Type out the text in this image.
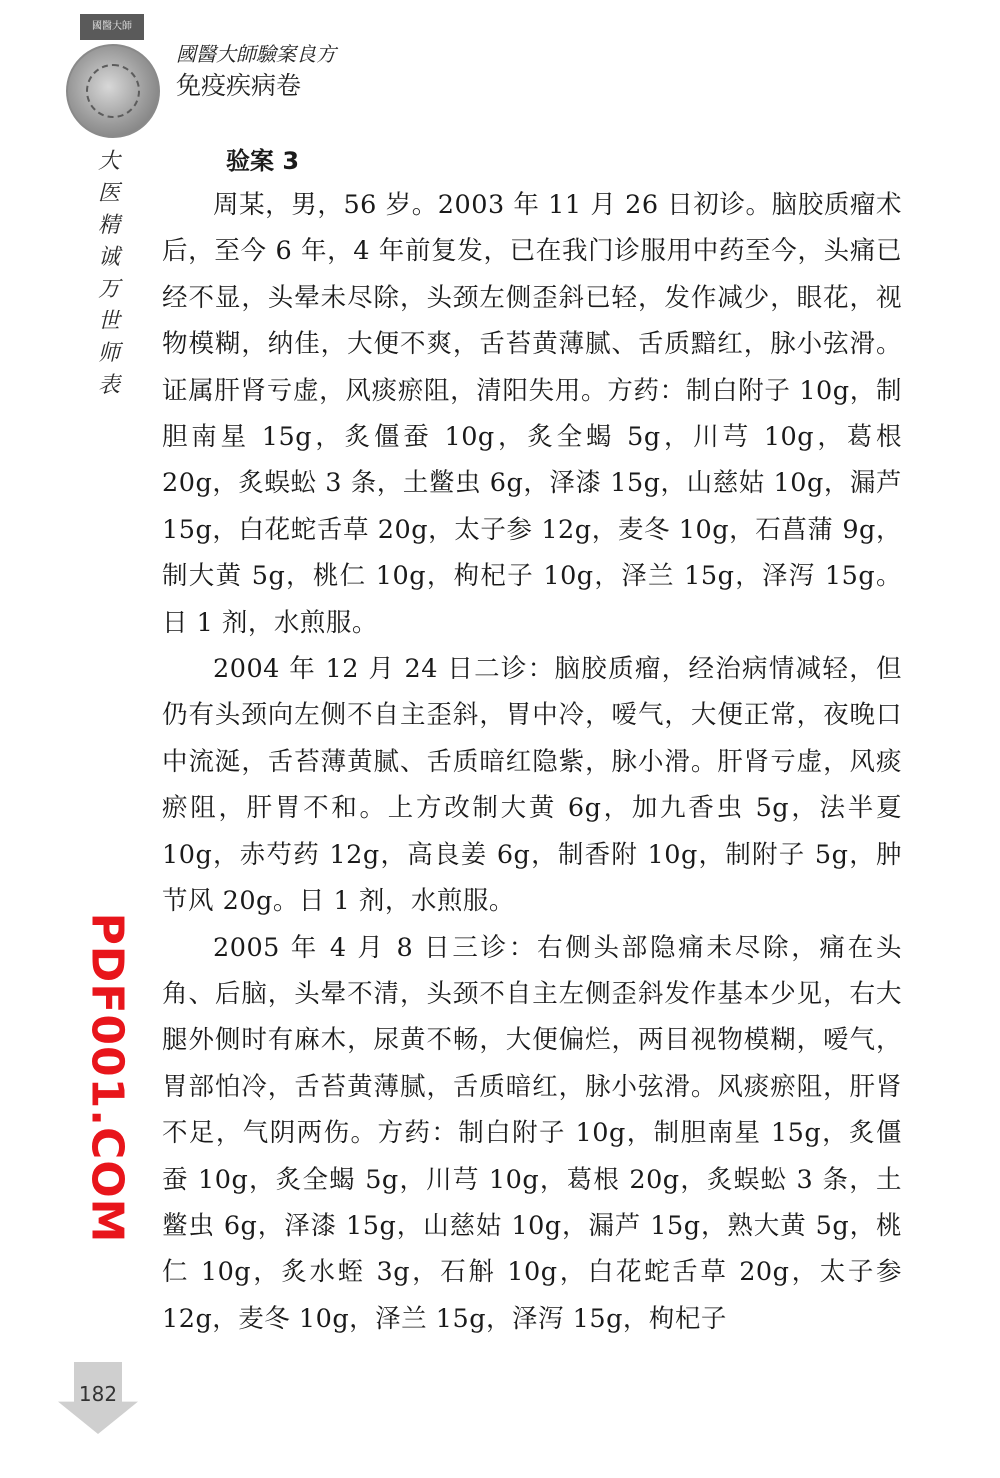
國醫大師
國醫大師驗案良方
免疫疾病卷
大
医
精
诚
万
世
师
表
PDF001.COM
验案 3

周某，男，56 岁。2003 年 11 月 26 日初诊。脑胶质瘤术后，至今 6 年，4 年前复发，已在我门诊服用中药至今，头痛已经不显，头晕未尽除，头颈左侧歪斜已轻，发作减少，眼花，视物模糊，纳佳，大便不爽，舌苔黄薄腻、舌质黯红，脉小弦滑。证属肝肾亏虚，风痰瘀阻，清阳失用。方药：制白附子 10g，制胆南星 15g，炙僵蚕 10g，炙全蝎 5g，川芎 10g，葛根 20g，炙蜈蚣 3 条，土鳖虫 6g，泽漆 15g，山慈姑 10g，漏芦 15g，白花蛇舌草 20g，太子参 12g，麦冬 10g，石菖蒲 9g，制大黄 5g，桃仁 10g，枸杞子 10g，泽兰 15g，泽泻 15g。日 1 剂，水煎服。

2004 年 12 月 24 日二诊：脑胶质瘤，经治病情减轻，但仍有头颈向左侧不自主歪斜，胃中冷，嗳气，大便正常，夜晚口中流涎，舌苔薄黄腻、舌质暗红隐紫，脉小滑。肝肾亏虚，风痰瘀阻，肝胃不和。上方改制大黄 6g，加九香虫 5g，法半夏 10g，赤芍药 12g，高良姜 6g，制香附 10g，制附子 5g，肿节风 20g。日 1 剂，水煎服。

2005 年 4 月 8 日三诊：右侧头部隐痛未尽除，痛在头角、后脑，头晕不清，头颈不自主左侧歪斜发作基本少见，右大腿外侧时有麻木，尿黄不畅，大便偏烂，两目视物模糊，嗳气，胃部怕冷，舌苔黄薄腻，舌质暗红，脉小弦滑。风痰瘀阻，肝肾不足，气阴两伤。方药：制白附子 10g，制胆南星 15g，炙僵蚕 10g，炙全蝎 5g，川芎 10g，葛根 20g，炙蜈蚣 3 条，土鳖虫 6g，泽漆 15g，山慈姑 10g，漏芦 15g，熟大黄 5g，桃仁 10g，炙水蛭 3g，石斛 10g，白花蛇舌草 20g，太子参 12g，麦冬 10g，泽兰 15g，泽泻 15g，枸杞子

182
